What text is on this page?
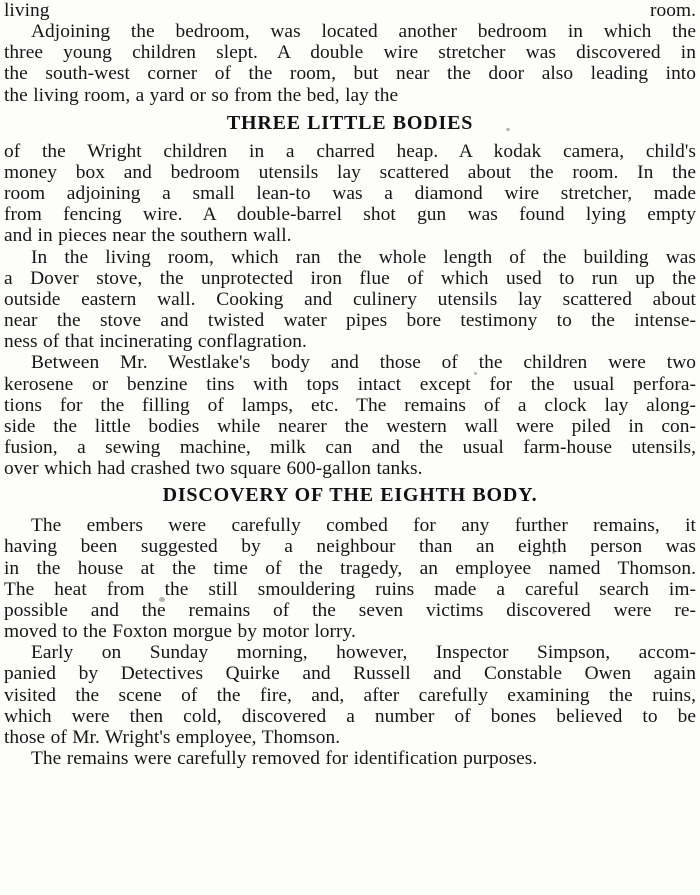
living room.

Adjoining the bedroom, was located another bedroom in which the
three young children slept. A double wire stretcher was discovered in
the south-west corner of the room, but near the door also leading into
the living room, a yard or so from the bed, lay the

THREE LITTLE BODIES

of the Wright children in a charred heap. A kodak camera, child's
money box and bedroom utensils lay scattered about the room. In the
room adjoining a small lean-to was a diamond wire stretcher, made
from fencing wire. A double-barrel shot gun was found lying empty
and in pieces near the southern wall.

In the living room, which ran the whole length of the building was
a Dover stove, the unprotected iron flue of which used to run up the
outside eastern wall. Cooking and culinery utensils lay scattered about
near the stove and twisted water pipes bore testimony to the intense-
ness of that incinerating conflagration.

Between Mr. Westlake's body and those of the children were two
kerosene or benzine tins with tops intact except for the usual perfora-
tions for the filling of lamps, etc. The remains of a clock lay along-
side the little bodies while nearer the western wall were piled in con-
fusion, a sewing machine, milk can and the usual farm-house utensils,
over which had crashed two square 600-gallon tanks.

DISCOVERY OF THE EIGHTH BODY.

The embers were carefully combed for any further remains, it
having been suggested by a neighbour than an eighth person was
in the house at the time of the tragedy, an employee named Thomson.
The heat from the still smouldering ruins made a careful search im-
possible and the remains of the seven victims discovered were re-
moved to the Foxton morgue by motor lorry.

Early on Sunday morning, however, Inspector Simpson, accom-
panied by Detectives Quirke and Russell and Constable Owen again
visited the scene of the fire, and, after carefully examining the ruins,
which were then cold, discovered a number of bones believed to be
those of Mr. Wright's employee, Thomson.

The remains were carefully removed for identification purposes.
